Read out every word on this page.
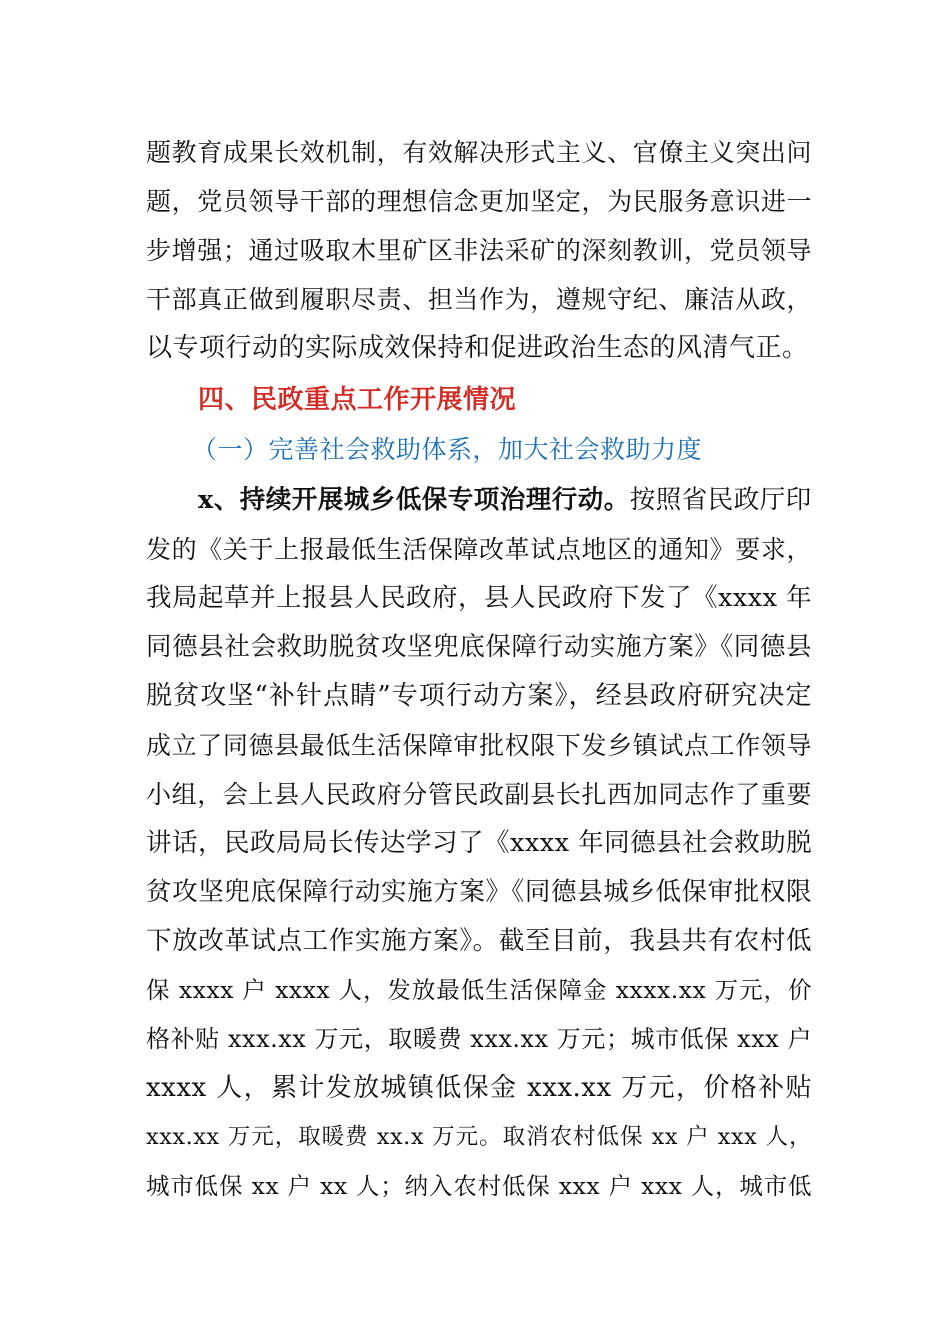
题教育成果长效机制，有效解决形式主义、官僚主义突出问
题，党员领导干部的理想信念更加坚定，为民服务意识进一
步增强；通过吸取木里矿区非法采矿的深刻教训，党员领导
干部真正做到履职尽责、担当作为，遵规守纪、廉洁从政，
以专项行动的实际成效保持和促进政治生态的风清气正。
四、民政重点工作开展情况
（一）完善社会救助体系，加大社会救助力度
x、持续开展城乡低保专项治理行动。按照省民政厅印
发的《关于上报最低生活保障改革试点地区的通知》要求，
我局起草并上报县人民政府，县人民政府下发了《xxxx 年
同德县社会救助脱贫攻坚兜底保障行动实施方案》《同德县
脱贫攻坚“补针点睛”专项行动方案》，经县政府研究决定
成立了同德县最低生活保障审批权限下发乡镇试点工作领导
小组，会上县人民政府分管民政副县长扎西加同志作了重要
讲话，民政局局长传达学习了《xxxx 年同德县社会救助脱
贫攻坚兜底保障行动实施方案》《同德县城乡低保审批权限
下放改革试点工作实施方案》。截至目前，我县共有农村低
保 xxxx 户 xxxx 人，发放最低生活保障金 xxxx.xx 万元，价
格补贴 xxx.xx 万元，取暖费 xxx.xx 万元；城市低保 xxx 户
xxxx 人，累计发放城镇低保金 xxx.xx 万元，价格补贴
xxx.xx 万元，取暖费 xx.x 万元。取消农村低保 xx 户 xxx 人，
城市低保 xx 户 xx 人；纳入农村低保 xxx 户 xxx 人，城市低
